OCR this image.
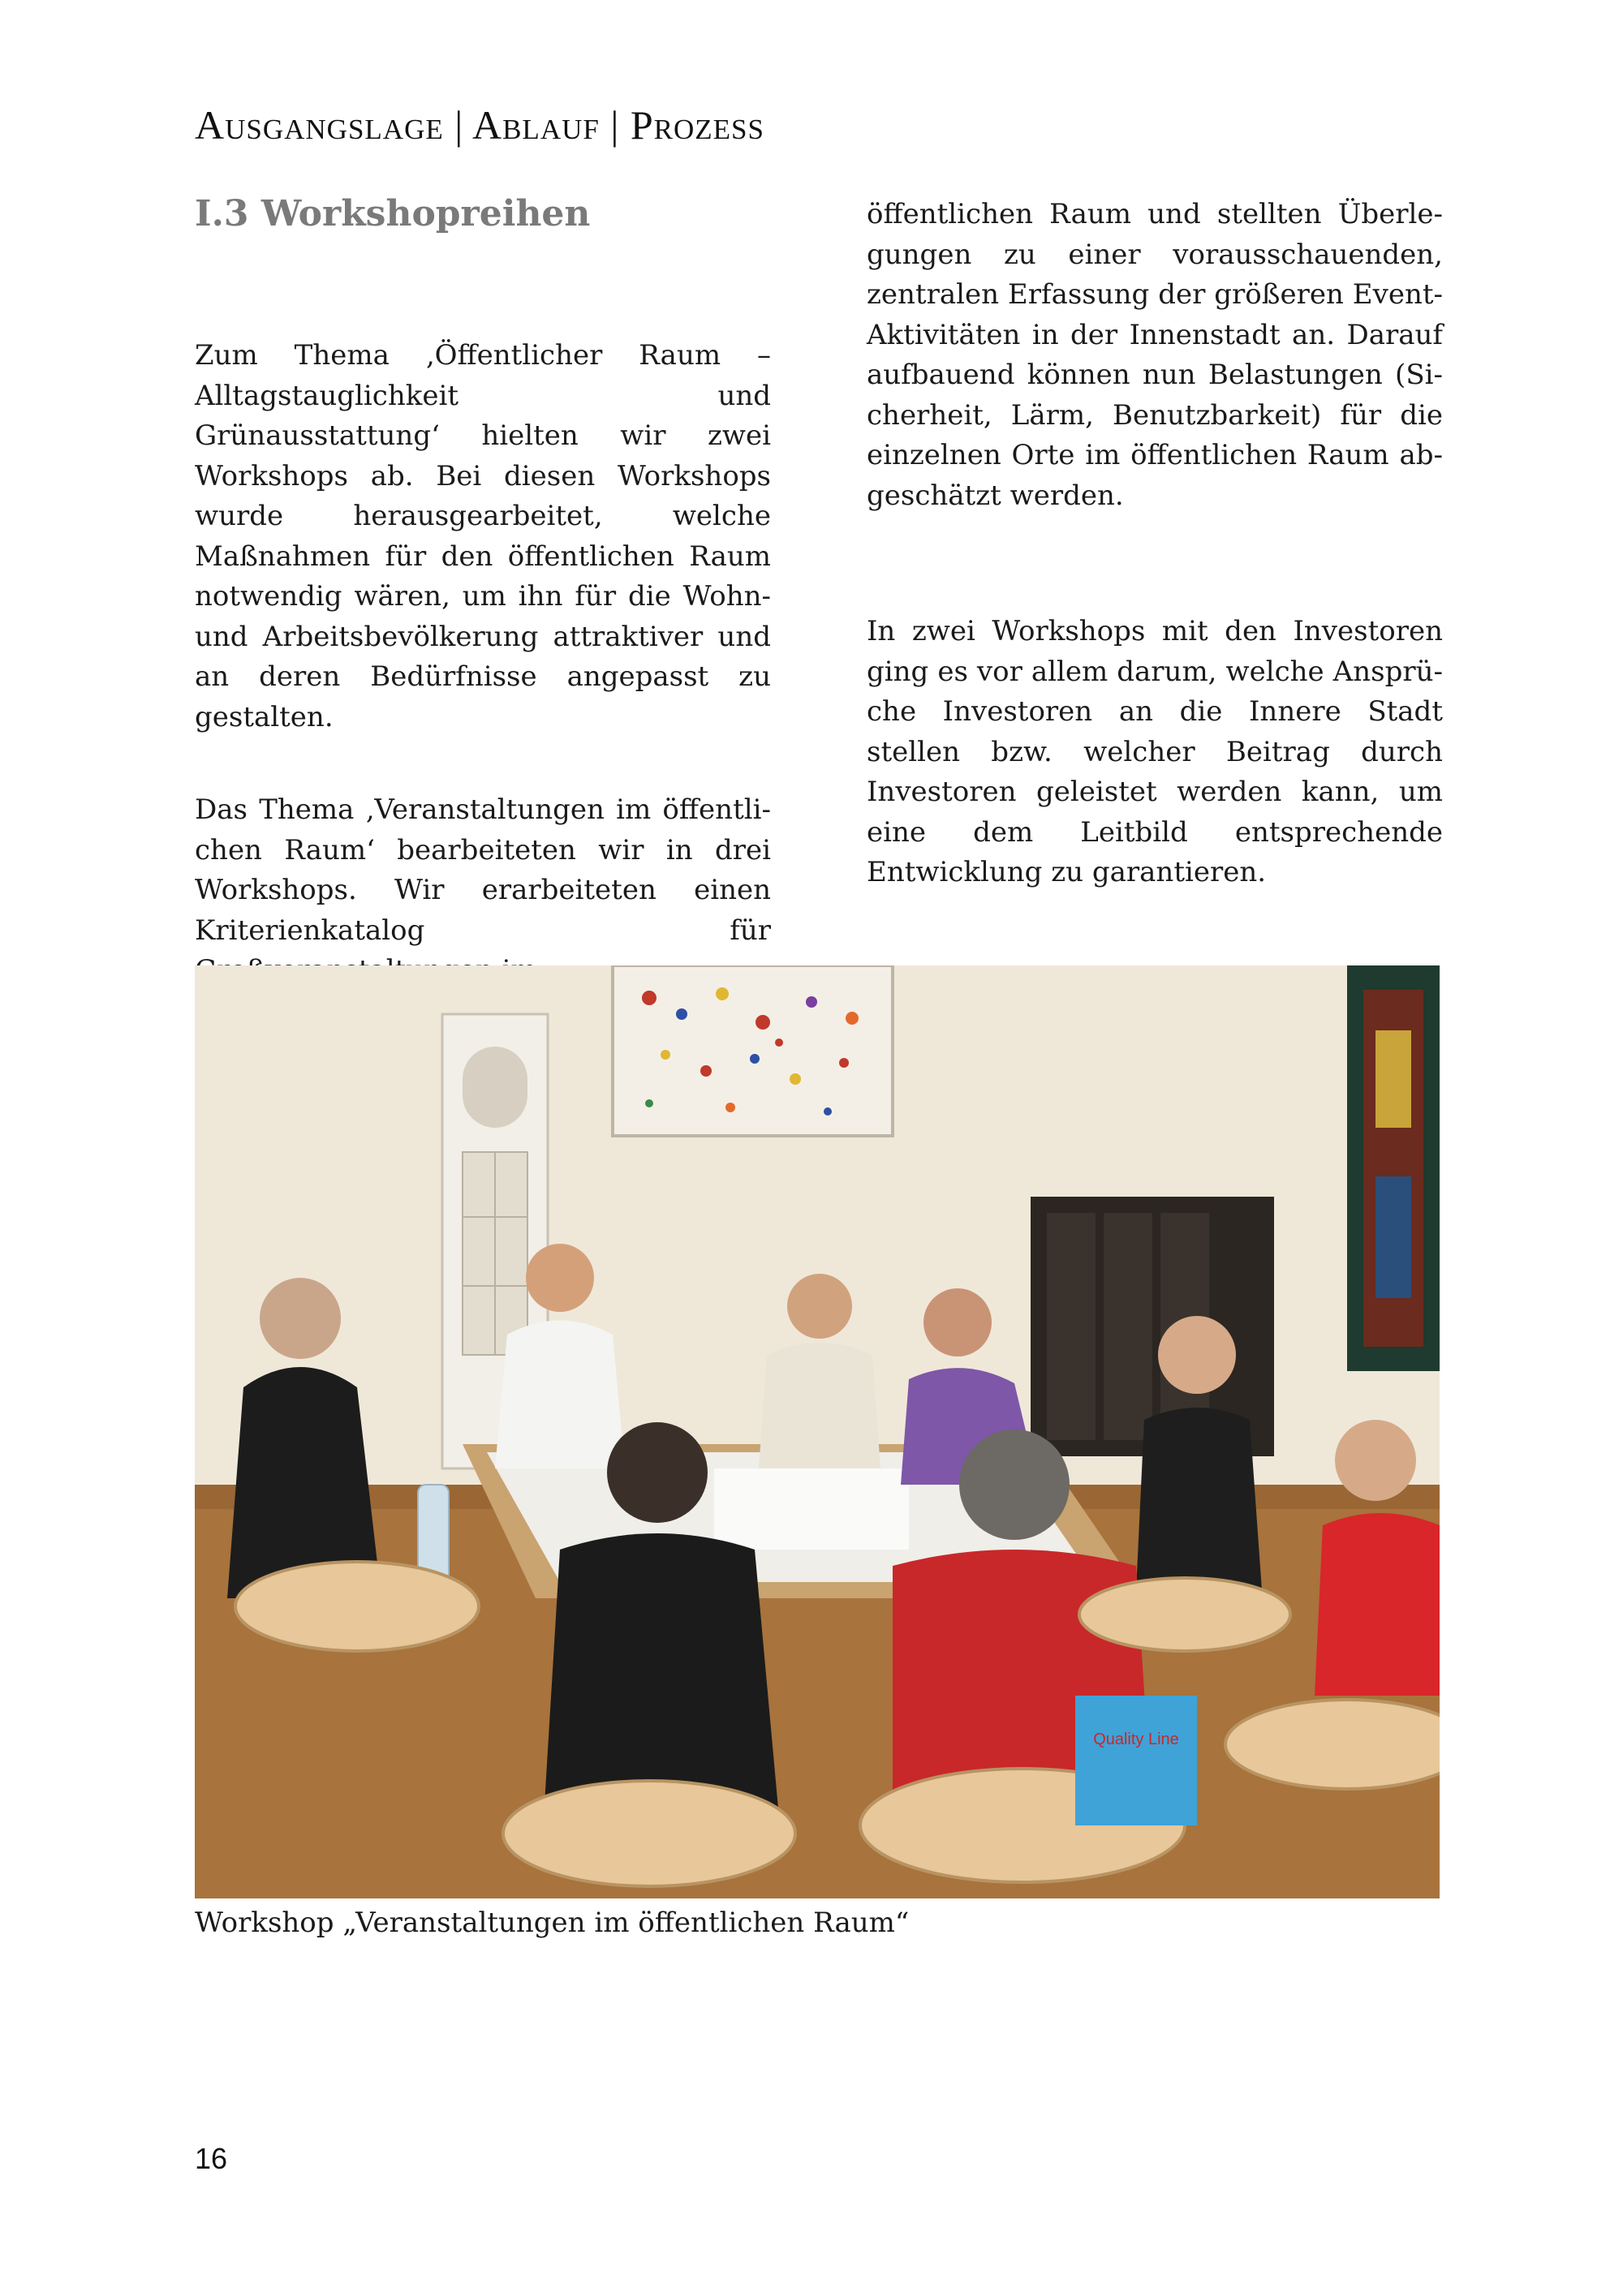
Ausgangslage | Ablauf | Prozess
I.3 Workshopreihen

Zum Thema ‚Öffentlicher Raum – Alltagstauglichkeit und Grünausstattung‘ hielten wir zwei Workshops ab. Bei diesen Workshops wurde herausgearbeitet, welche Maßnahmen für den öffentlichen Raum notwendig wären, um ihn für die Wohn- und Arbeitsbevölkerung attraktiver und an deren Bedürfnisse angepasst zu gestalten.

Das Thema ‚Veranstaltungen im öffentlichen Raum‘ bearbeiteten wir in drei Workshops. Wir erarbeiteten einen Kriterienkatalog für

öffentlichen Raum und stellten Überlegungen zu einer vorausschauenden, zentralen Erfassung der größeren Event-Aktivitäten in der Innenstadt an. Darauf aufbauend können nun Belastungen (Sicherheit, Lärm, Benutzbarkeit) für die einzelnen Orte im öffentlichen Raum abgeschätzt werden.

In zwei Workshops mit den Investoren ging es vor allem darum, welche Ansprüche Investoren an die Innere Stadt stellen bzw. welcher Beitrag durch Investoren geleistet werden kann, um eine dem Leitbild entsprechende Entwicklung zu garantieren.

Quality Line
Workshop „Veranstaltungen im öffentlichen Raum“
16
